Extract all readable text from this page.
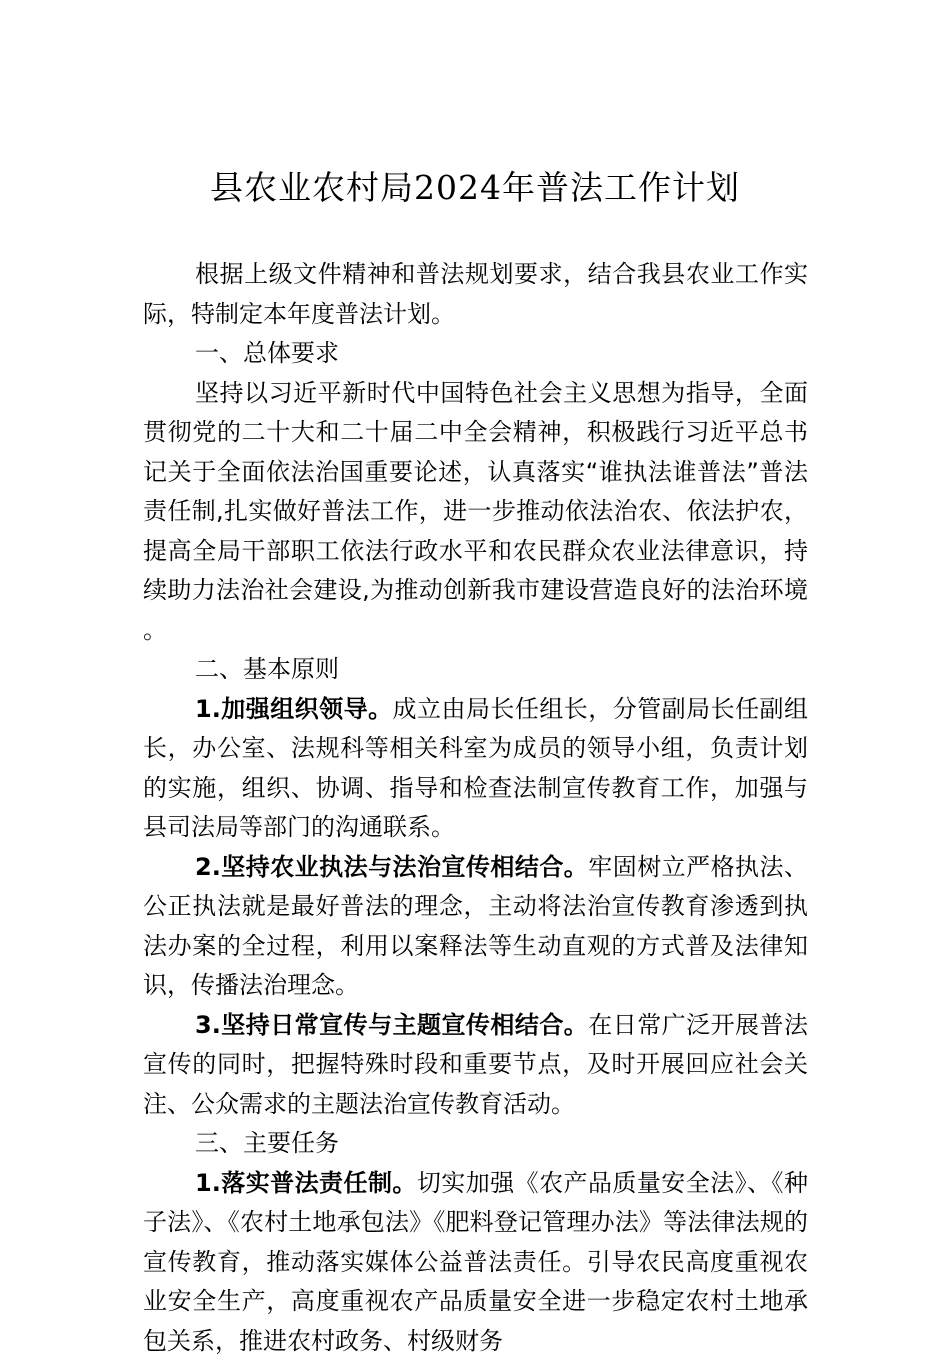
县农业农村局2024年普法工作计划

根据上级文件精神和普法规划要求，结合我县农业工作实际，特制定本年度普法计划。

一、总体要求

坚持以习近平新时代中国特色社会主义思想为指导，全面贯彻党的二十大和二十届二中全会精神，积极践行习近平总书记关于全面依法治国重要论述，认真落实“谁执法谁普法”普法责任制,扎实做好普法工作，进一步推动依法治农、依法护农，提高全局干部职工依法行政水平和农民群众农业法律意识，持续助力法治社会建设,为推动创新我市建设营造良好的法治环境。

二、基本原则

1.加强组织领导。成立由局长任组长，分管副局长任副组长，办公室、法规科等相关科室为成员的领导小组，负责计划的实施，组织、协调、指导和检查法制宣传教育工作，加强与县司法局等部门的沟通联系。

2.坚持农业执法与法治宣传相结合。牢固树立严格执法、公正执法就是最好普法的理念，主动将法治宣传教育渗透到执法办案的全过程，利用以案释法等生动直观的方式普及法律知识，传播法治理念。

3.坚持日常宣传与主题宣传相结合。在日常广泛开展普法宣传的同时，把握特殊时段和重要节点，及时开展回应社会关注、公众需求的主题法治宣传教育活动。

三、主要任务

1.落实普法责任制。切实加强《农产品质量安全法》、《种子法》、《农村土地承包法》《肥料登记管理办法》等法律法规的宣传教育，推动落实媒体公益普法责任。引导农民高度重视农业安全生产，高度重视农产品质量安全进一步稳定农村土地承包关系，推进农村政务、村级财务
